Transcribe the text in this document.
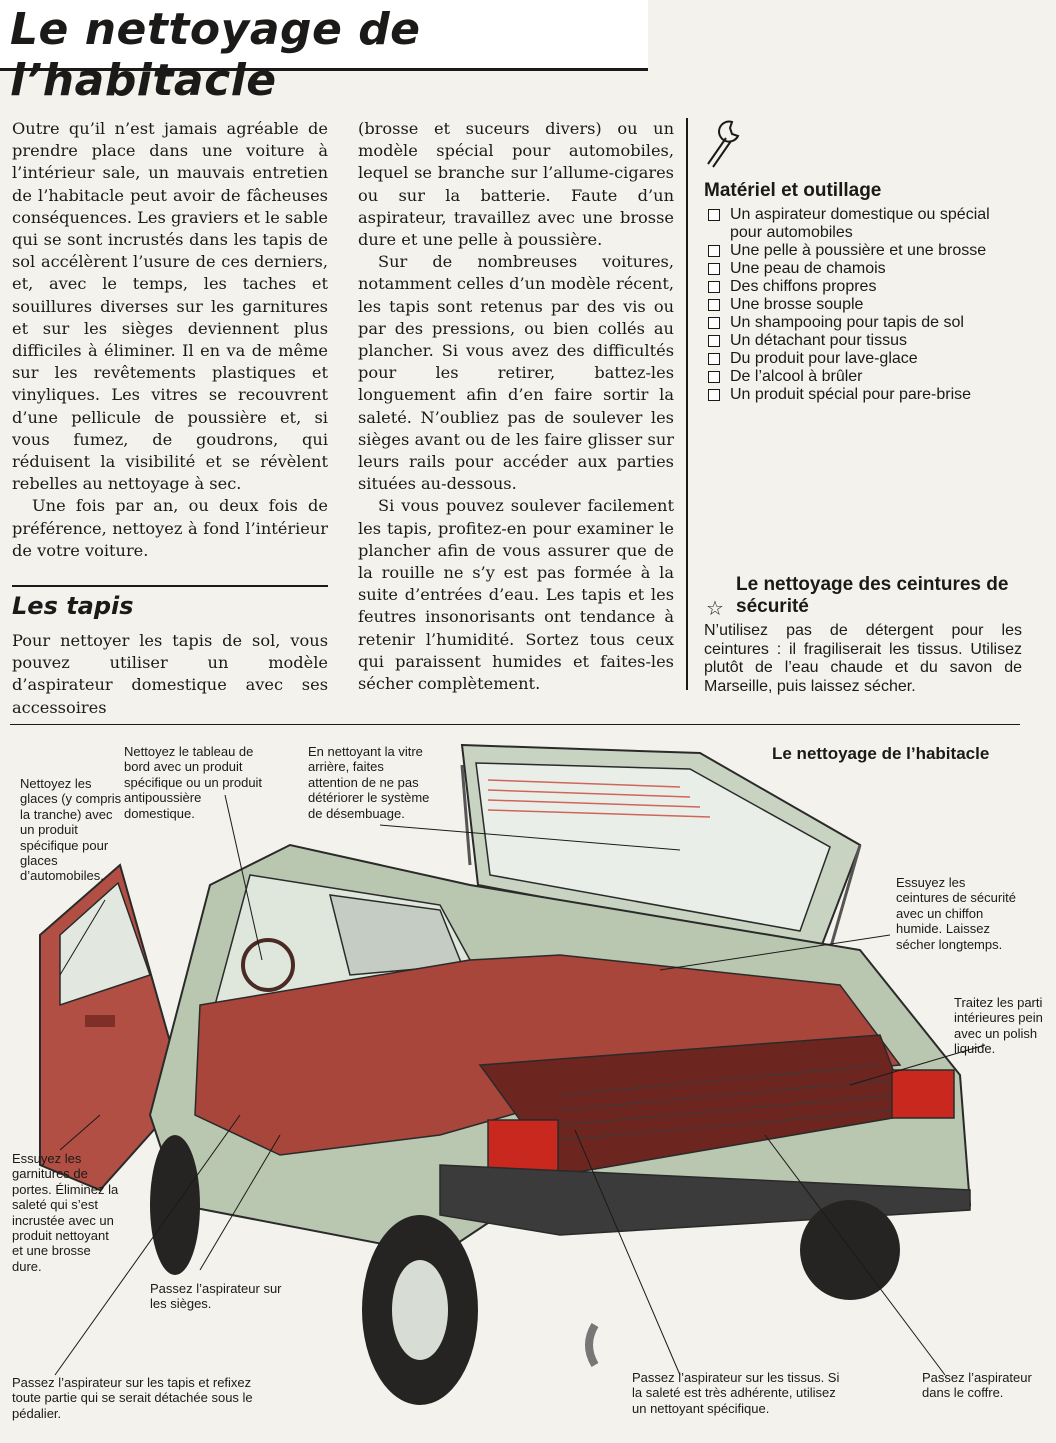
Le nettoyage de l’habitacle

Outre qu’il n’est jamais agréable de prendre place dans une voiture à l’intérieur sale, un mauvais entretien de l’habitacle peut avoir de fâcheuses conséquences. Les graviers et le sable qui se sont incrustés dans les tapis de sol accélèrent l’usure de ces derniers, et, avec le temps, les taches et souillures diverses sur les garnitures et sur les sièges deviennent plus difficiles à éliminer. Il en va de même sur les revêtements plastiques et vinyliques. Les vitres se recouvrent d’une pellicule de poussière et, si vous fumez, de goudrons, qui réduisent la visibilité et se révèlent rebelles au nettoyage à sec.

Une fois par an, ou deux fois de préférence, nettoyez à fond l’intérieur de votre voiture.

Les tapis

Pour nettoyer les tapis de sol, vous pouvez utiliser un modèle d’aspirateur domestique avec ses accessoires

(brosse et suceurs divers) ou un modèle spécial pour automobiles, lequel se branche sur l’allume-cigares ou sur la batterie. Faute d’un aspirateur, travaillez avec une brosse dure et une pelle à poussière.

Sur de nombreuses voitures, notamment celles d’un modèle récent, les tapis sont retenus par des vis ou par des pressions, ou bien collés au plancher. Si vous avez des difficultés pour les retirer, battez-les longuement afin d’en faire sortir la saleté. N’oubliez pas de soulever les sièges avant ou de les faire glisser sur leurs rails pour accéder aux parties situées au-dessous.

Si vous pouvez soulever facilement les tapis, profitez-en pour examiner le plancher afin de vous assurer que de la rouille ne s’y est pas formée à la suite d’entrées d’eau. Les tapis et les feutres insonorisants ont tendance à retenir l’humidité. Sortez tous ceux qui paraissent humides et faites-les sécher complètement.

Matériel et outillage
Un aspirateur domestique ou spécial pour automobiles
Une pelle à poussière et une brosse
Une peau de chamois
Des chiffons propres
Une brosse souple
Un shampooing pour tapis de sol
Un détachant pour tissus
Du produit pour lave-glace
De l’alcool à brûler
Un produit spécial pour pare-brise
☆
Le nettoyage des ceintures de sécurité

N’utilisez pas de détergent pour les ceintures : il fragiliserait les tissus. Utilisez plutôt de l’eau chaude et du savon de Marseille, puis laissez sécher.

Le nettoyage de l’habitacle
Nettoyez les glaces (y compris la tranche) avec un produit spécifique pour glaces d’automobiles.
Nettoyez le tableau de bord avec un produit spécifique ou un produit antipoussière domestique.
En nettoyant la vitre arrière, faites attention de ne pas détériorer le système de désembuage.
Essuyez les ceintures de sécurité avec un chiffon humide. Laissez sécher longtemps.
Traitez les parti intérieures pein avec un polish liquide.
Essuyez les garnitures de portes. Éliminez la saleté qui s’est incrustée avec un produit nettoyant et une brosse dure.
Passez l’aspirateur sur les sièges.
Passez l’aspirateur sur les tapis et refixez toute partie qui se serait détachée sous le pédalier.
Passez l’aspirateur sur les tissus. Si la saleté est très adhérente, utilisez un nettoyant spécifique.
Passez l’aspirateur dans le coffre.
